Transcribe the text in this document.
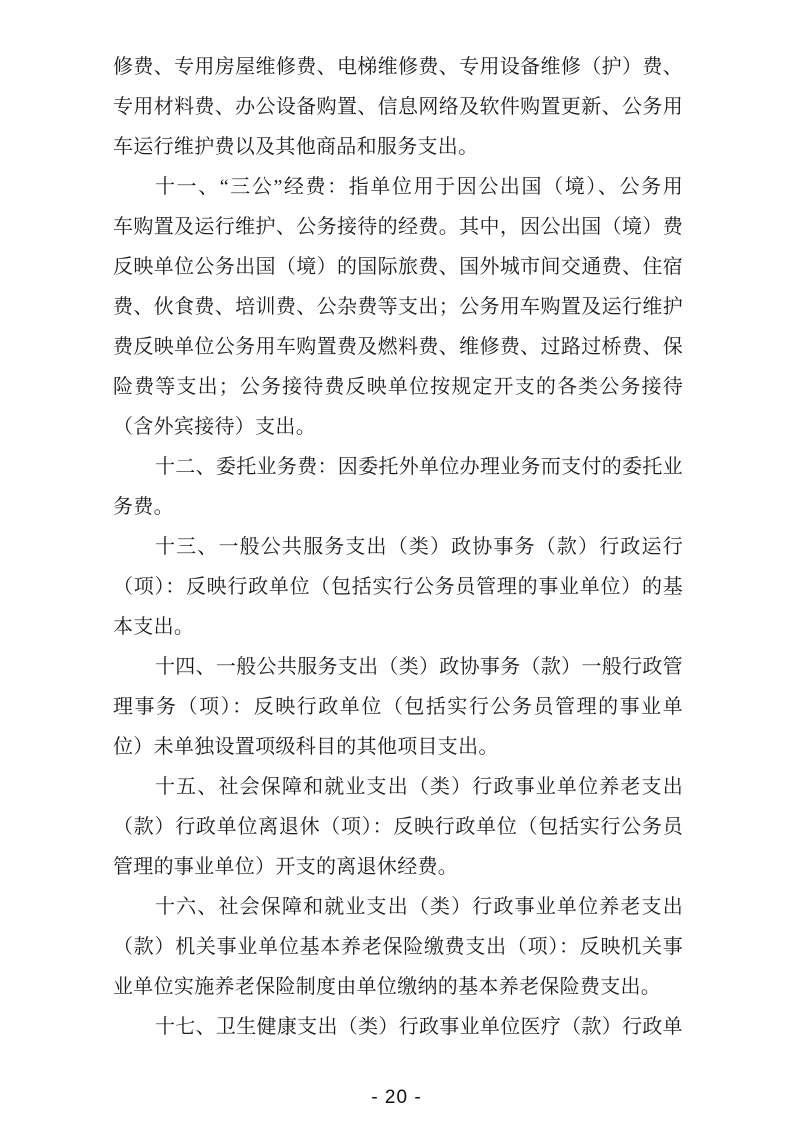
修费、专用房屋维修费、电梯维修费、专用设备维修（护）费、
专用材料费、办公设备购置、信息网络及软件购置更新、公务用
车运行维护费以及其他商品和服务支出。
十一、“三公”经费：指单位用于因公出国（境）、公务用
车购置及运行维护、公务接待的经费。其中，因公出国（境）费
反映单位公务出国（境）的国际旅费、国外城市间交通费、住宿
费、伙食费、培训费、公杂费等支出；公务用车购置及运行维护
费反映单位公务用车购置费及燃料费、维修费、过路过桥费、保
险费等支出；公务接待费反映单位按规定开支的各类公务接待
（含外宾接待）支出。
十二、委托业务费：因委托外单位办理业务而支付的委托业
务费。
十三、一般公共服务支出（类）政协事务（款）行政运行
（项）：反映行政单位（包括实行公务员管理的事业单位）的基
本支出。
十四、一般公共服务支出（类）政协事务（款）一般行政管
理事务（项）：反映行政单位（包括实行公务员管理的事业单
位）未单独设置项级科目的其他项目支出。
十五、社会保障和就业支出（类）行政事业单位养老支出
（款）行政单位离退休（项）：反映行政单位（包括实行公务员
管理的事业单位）开支的离退休经费。
十六、社会保障和就业支出（类）行政事业单位养老支出
（款）机关事业单位基本养老保险缴费支出（项）：反映机关事
业单位实施养老保险制度由单位缴纳的基本养老保险费支出。
十七、卫生健康支出（类）行政事业单位医疗（款）行政单
- 20 -
